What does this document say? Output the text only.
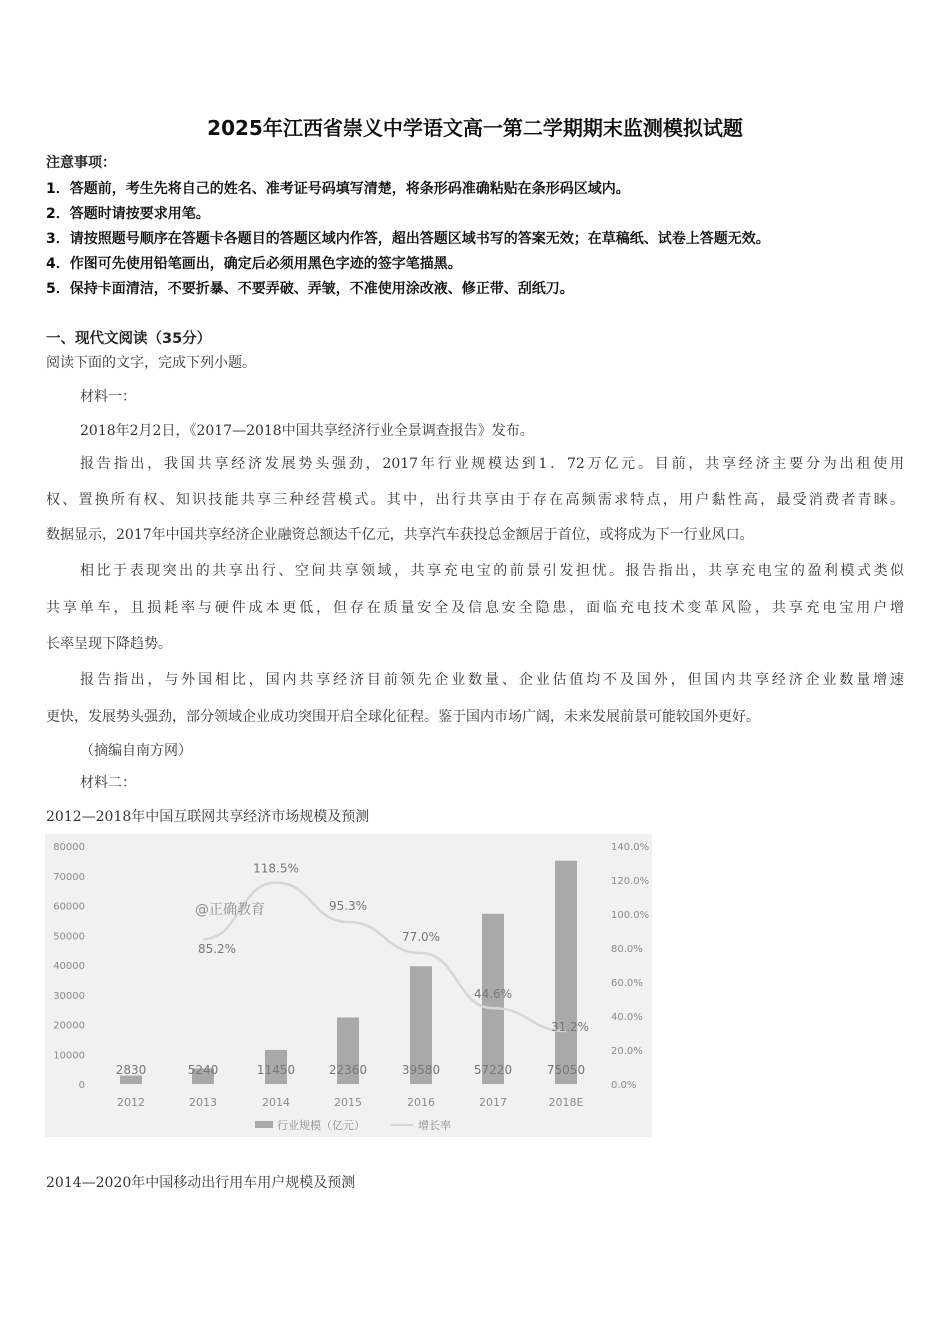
2025年江西省崇义中学语文高一第二学期期末监测模拟试题
注意事项：
1．答题前，考生先将自己的姓名、准考证号码填写清楚，将条形码准确粘贴在条形码区域内。
2．答题时请按要求用笔。
3．请按照题号顺序在答题卡各题目的答题区域内作答，超出答题区域书写的答案无效；在草稿纸、试卷上答题无效。
4．作图可先使用铅笔画出，确定后必须用黑色字迹的签字笔描黑。
5．保持卡面清洁，不要折暴、不要弄破、弄皱，不准使用涂改液、修正带、刮纸刀。
一、现代文阅读（35分）
阅读下面的文字，完成下列小题。
材料一：
2018年2月2日，《2017—2018中国共享经济行业全景调查报告》发布。
报告指出，我国共享经济发展势头强劲，2017年行业规模达到1．72万亿元。目前，共享经济主要分为出租使用
权、置换所有权、知识技能共享三种经营模式。其中，出行共享由于存在高频需求特点，用户黏性高，最受消费者青睐。
数据显示，2017年中国共享经济企业融资总额达千亿元，共享汽车获投总金额居于首位，或将成为下一行业风口。
相比于表现突出的共享出行、空间共享领域，共享充电宝的前景引发担忧。报告指出，共享充电宝的盈利模式类似
共享单车，且损耗率与硬件成本更低，但存在质量安全及信息安全隐患，面临充电技术变革风险，共享充电宝用户增
长率呈现下降趋势。
报告指出，与外国相比，国内共享经济目前领先企业数量、企业估值均不及国外，但国内共享经济企业数量增速
更快，发展势头强劲，部分领域企业成功突围开启全球化征程。鉴于国内市场广阔，未来发展前景可能较国外更好。
（摘编自南方网）
材料二：
2012—2018年中国互联网共享经济市场规模及预测
0
10000
20000
30000
40000
50000
60000
70000
80000
0.0%
20.0%
40.0%
60.0%
80.0%
100.0%
120.0%
140.0%
2830	5240	11450	22360	39580	57220	75050
2012	2013	2014	2015	2016	2017	2018E
85.2%
118.5%
95.3%
77.0%
44.6%
31.2%
@正确教育
行业规模（亿元）	增长率
2014—2020年中国移动出行用车用户规模及预测
